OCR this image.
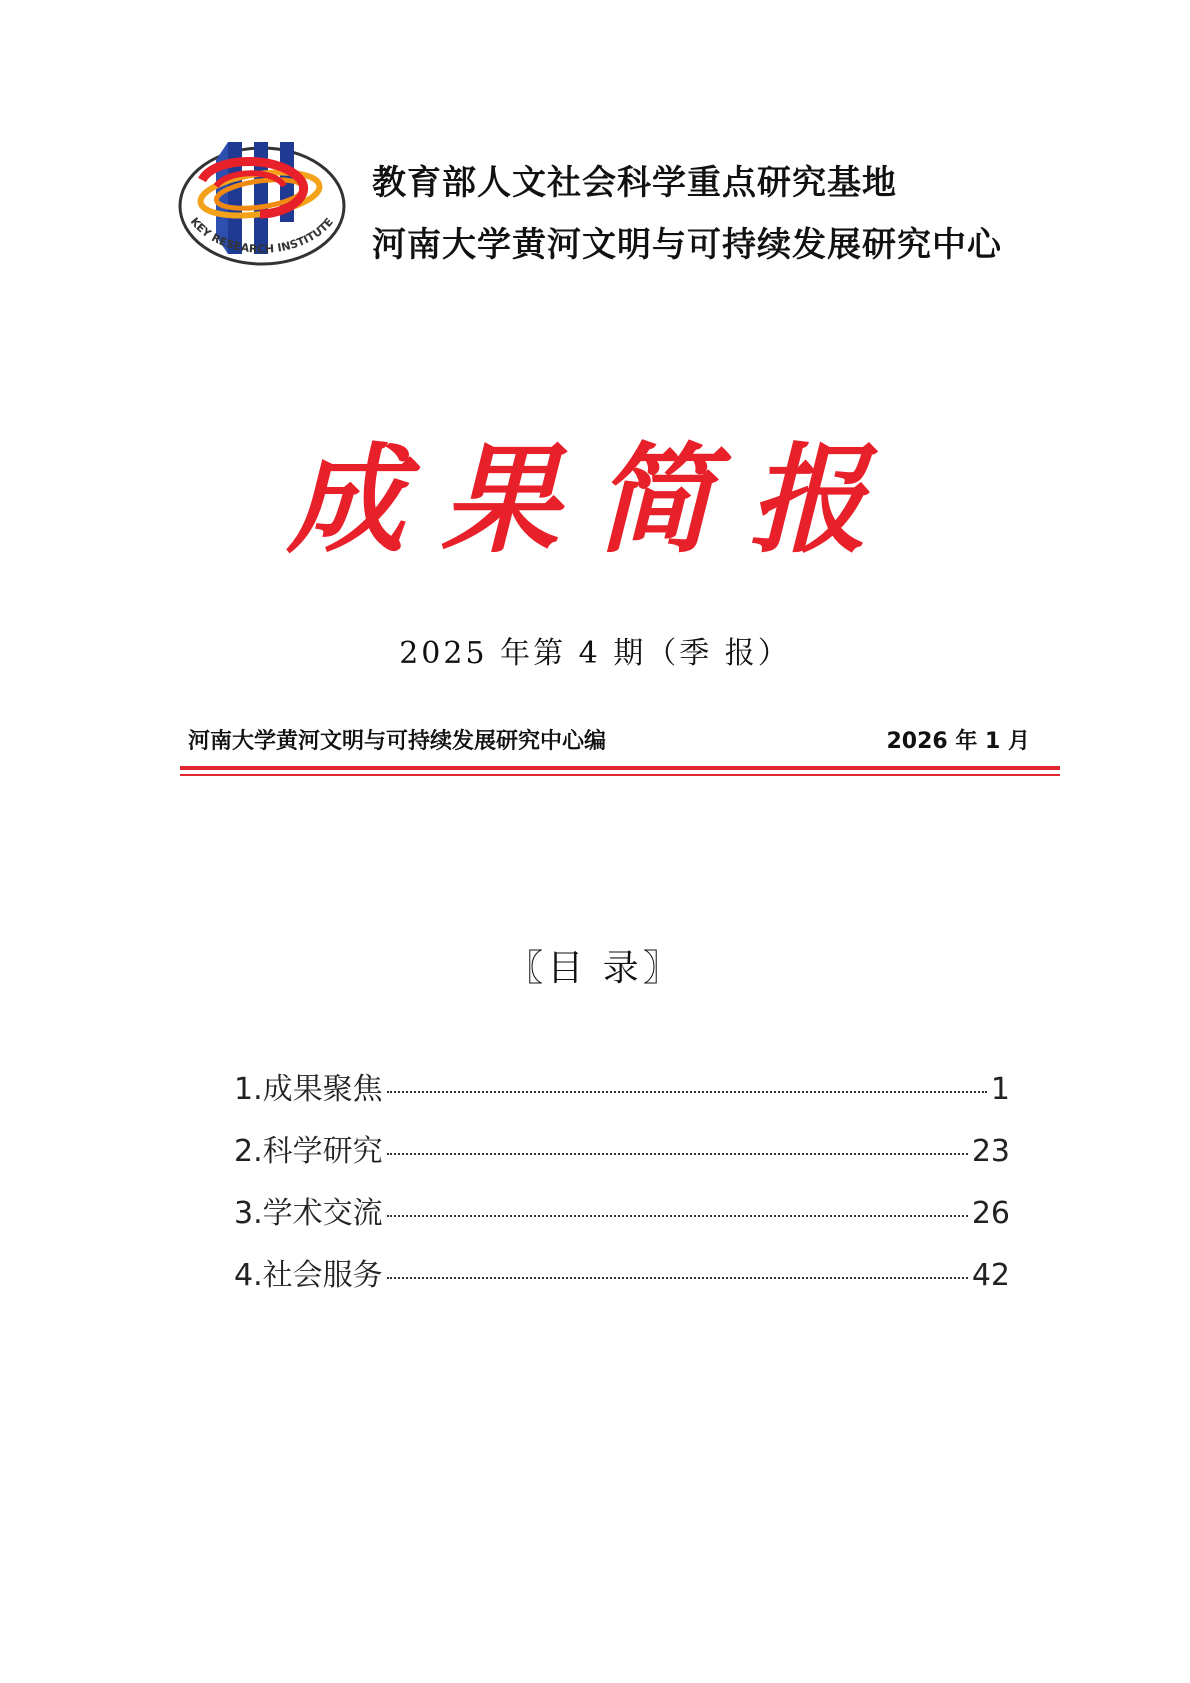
KEY RESEARCH INSTITUTE
教育部人文社会科学重点研究基地
河南大学黄河文明与可持续发展研究中心
成果简报
2025 年第 4 期（季 报）
河南大学黄河文明与可持续发展研究中心编	2026 年 1 月
〖目 录〗
1.成果聚焦	1
2.科学研究	23
3.学术交流	26
4.社会服务	42
